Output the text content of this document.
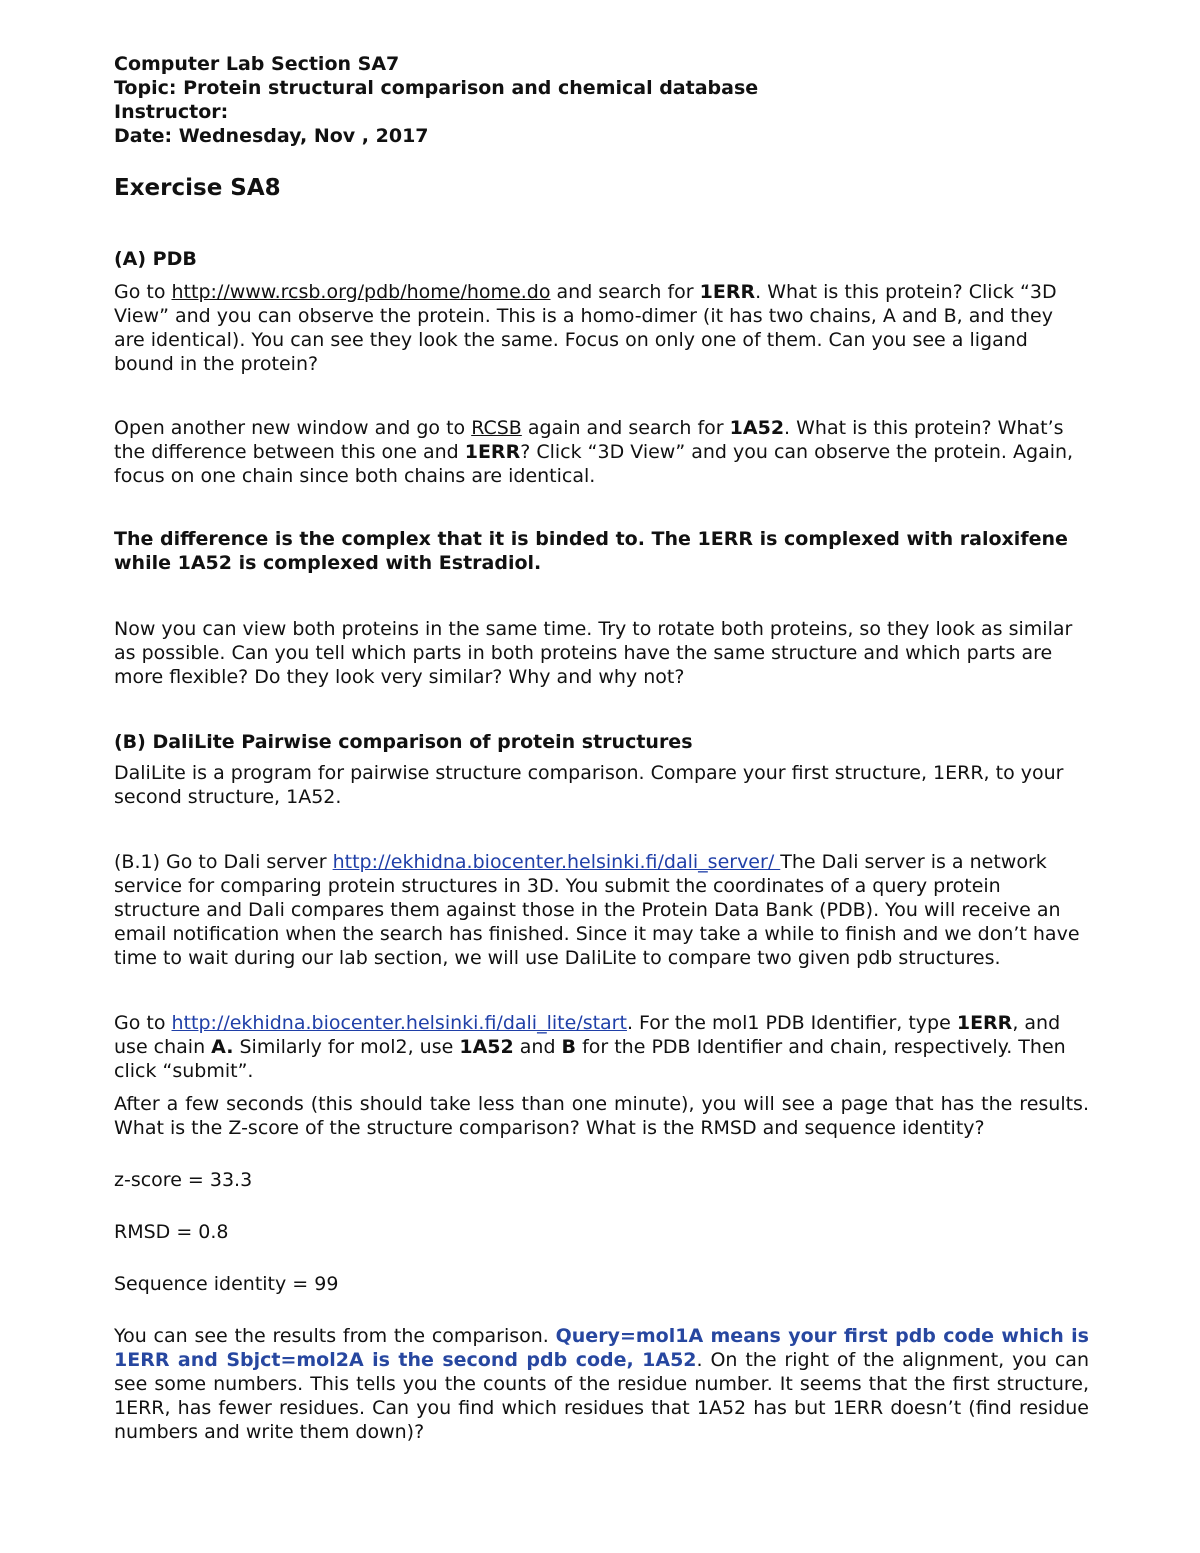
Computer Lab Section SA7
Topic: Protein structural comparison and chemical database
Instructor:
Date: Wednesday, Nov , 2017
Exercise SA8
(A) PDB

Go to http://www.rcsb.org/pdb/home/home.do and search for 1ERR. What is this protein? Click “3D View” and you can observe the protein. This is a homo-dimer (it has two chains, A and B, and they are identical). You can see they look the same. Focus on only one of them. Can you see a ligand bound in the protein?

Open another new window and go to RCSB again and search for 1A52. What is this protein? What’s the difference between this one and 1ERR? Click “3D View” and you can observe the protein. Again, focus on one chain since both chains are identical.

The difference is the complex that it is binded to. The 1ERR is complexed with raloxifene while 1A52 is complexed with Estradiol.

Now you can view both proteins in the same time. Try to rotate both proteins, so they look as similar as possible. Can you tell which parts in both proteins have the same structure and which parts are more flexible? Do they look very similar? Why and why not?

(B) DaliLite Pairwise comparison of protein structures

DaliLite is a program for pairwise structure comparison. Compare your first structure, 1ERR, to your second structure, 1A52.

(B.1) Go to Dali server http://ekhidna.biocenter.helsinki.fi/dali_server/ The Dali server is a network service for comparing protein structures in 3D. You submit the coordinates of a query protein structure and Dali compares them against those in the Protein Data Bank (PDB). You will receive an email notification when the search has finished. Since it may take a while to finish and we don’t have time to wait during our lab section, we will use DaliLite to compare two given pdb structures.

Go to http://ekhidna.biocenter.helsinki.fi/dali_lite/start. For the mol1 PDB Identifier, type 1ERR, and use chain A. Similarly for mol2, use 1A52 and B for the PDB Identifier and chain, respectively. Then click “submit”.

After a few seconds (this should take less than one minute), you will see a page that has the results. What is the Z-score of the structure comparison? What is the RMSD and sequence identity?

z-score = 33.3

RMSD = 0.8

Sequence identity = 99

You can see the results from the comparison. Query=mol1A means your first pdb code which is 1ERR and Sbjct=mol2A is the second pdb code, 1A52. On the right of the alignment, you can see some numbers. This tells you the counts of the residue number. It seems that the first structure, 1ERR, has fewer residues. Can you find which residues that 1A52 has but 1ERR doesn’t (find residue numbers and write them down)?
